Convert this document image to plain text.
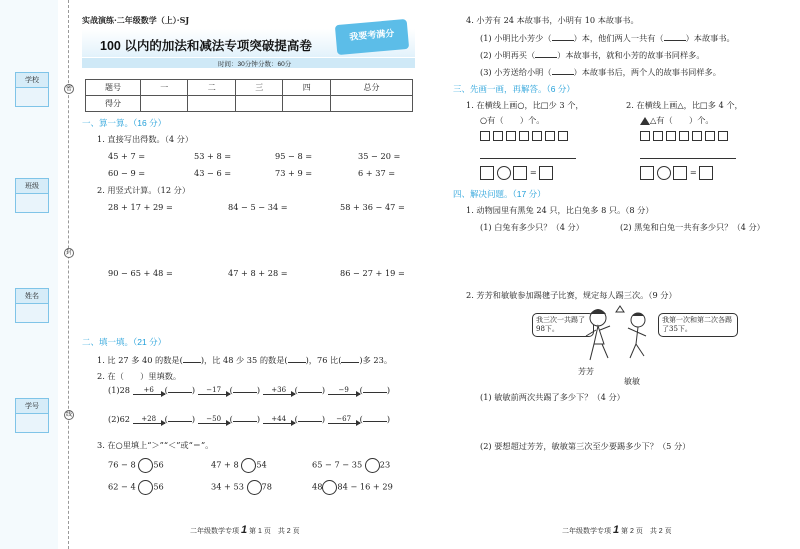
学校
班级
姓名
学号
密
封
线
实战演练·二年级数学（上）·SJ
100 以内的加法和减法专项突破提高卷
我要考满分
时间：30分钟 分数：60分
题号	一	二	三	四	总分
得分					
一、算一算。（16 分）
1. 直接写出得数。（4 分）
45 + 7 =	53 + 8 =	95 − 8 =	35 − 20 =
60 − 9 =	43 − 6 =	73 + 9 =	6 + 37 =
2. 用竖式计算。（12 分）
28 + 17 + 29 =	84 − 5 − 34 =	58 + 36 − 47 =
90 − 65 + 48 =	47 + 8 + 28 =	86 − 27 + 19 =
二、填一填。（21 分）
1. 比 27 多 40 的数是( )，比 48 少 35 的数是( )，76 比( )多 23。
2. 在（　　）里填数。
(1)28 +6 (	) −17 (	) +36 (	) −9 (	)
(2)62 +28 (	) −50 (	) +44 (	) −67 (	)
3. 在○里填上“＞”“＜”或“＝”。
76 − 8 56	47 + 8 54	65 − 7 − 35 23
62 − 4 56	34 + 53 78	48 84 − 16 + 29
二年级数学专项 1 第 1 页　共 2 页
4. 小芳有 24 本故事书，小明有 10 本故事书。
(1) 小明比小芳少（	）本，他们两人一共有（	）本故事书。
(2) 小明再买（	）本故事书，就和小芳的故事书同样多。
(3) 小芳送给小明（	）本故事书后，两个人的故事书同样多。
三、先画一画，再解答。（6 分）
1. 在横线上画○，比□少 3 个，
○有（　　）个。
=
2. 在横线上画△，比□多 4 个，
△有（　　）个。
=
四、解决问题。（17 分）
1. 动物园里有黑兔 24 只，比白兔多 8 只。（8 分）
(1) 白兔有多少只？（4 分）	(2) 黑兔和白兔一共有多少只？（4 分）
2. 芳芳和敏敏参加踢毽子比赛，规定每人踢三次。（9 分）
我三次一共踢了98下。
我第一次和第二次各踢了35下。
芳芳
敏敏
(1) 敏敏前两次共踢了多少下？（4 分）
(2) 要想超过芳芳，敏敏第三次至少要踢多少下？（5 分）
二年级数学专项 1 第 2 页　共 2 页
